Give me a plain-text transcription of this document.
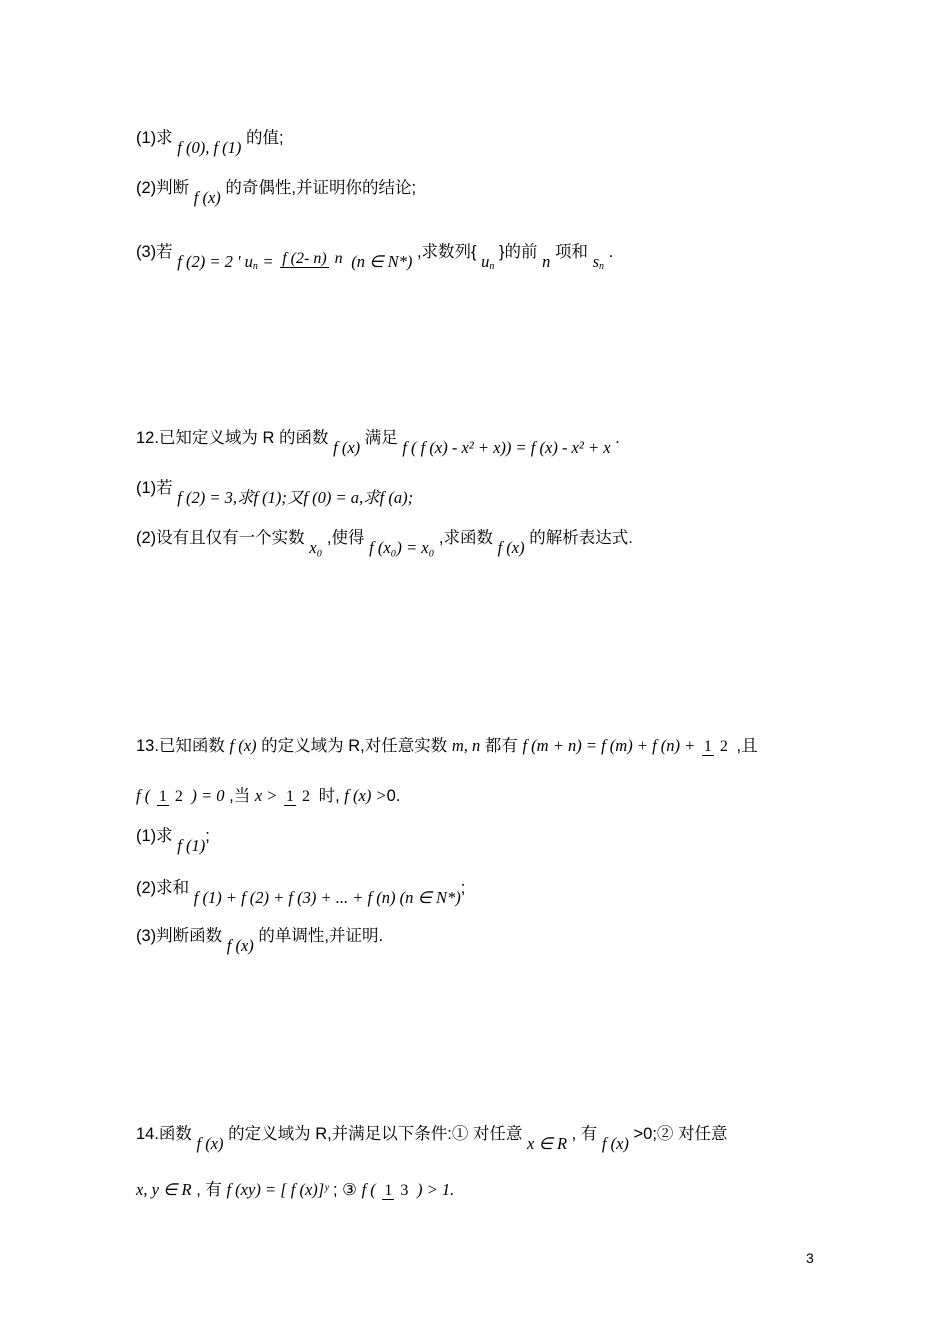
(1)求 f (0), f (1) 的值;
(2)判断 f (x) 的奇偶性,并证明你的结论;
(3)若 f (2) = 2 ' $u_n = f$ (2- n) n (n ∈ N*) ,求数列{ $u_n$ }的前 n 项和 $s_n$ .
12.已知定义域为 R 的函数 f (x) 满足 f ( f (x) - x² + x)) = f (x) - x² + x .
(1)若 f (2) = 3,求f (1);又f (0) = a,求f (a);
(2)设有且仅有一个实数 x₀ ,使得 f (x₀) = x₀ ,求函数 f (x) 的解析表达式.
13.已知函数 f (x) 的定义域为 R,对任意实数 m, n 都有 f (m + n) = f (m) + f (n) + 1 2 ,且
f ( 1 2 ) = 0 ,当 x > 1 2 时, f (x) >0.
(1)求 f (1);
(2)求和 f (1) + f (2) + f (3) + ... + f (n) (n ∈ N*);
(3)判断函数 f (x) 的单调性,并证明.
14.函数 f (x) 的定义域为 R,并满足以下条件:① 对任意 x ∈ R , 有 f (x) >0;② 对任意
x, y ∈ R , 有 f (xy) = [ f (x)]ʸ ; ③ f ( 1 3 ) > 1.
3
